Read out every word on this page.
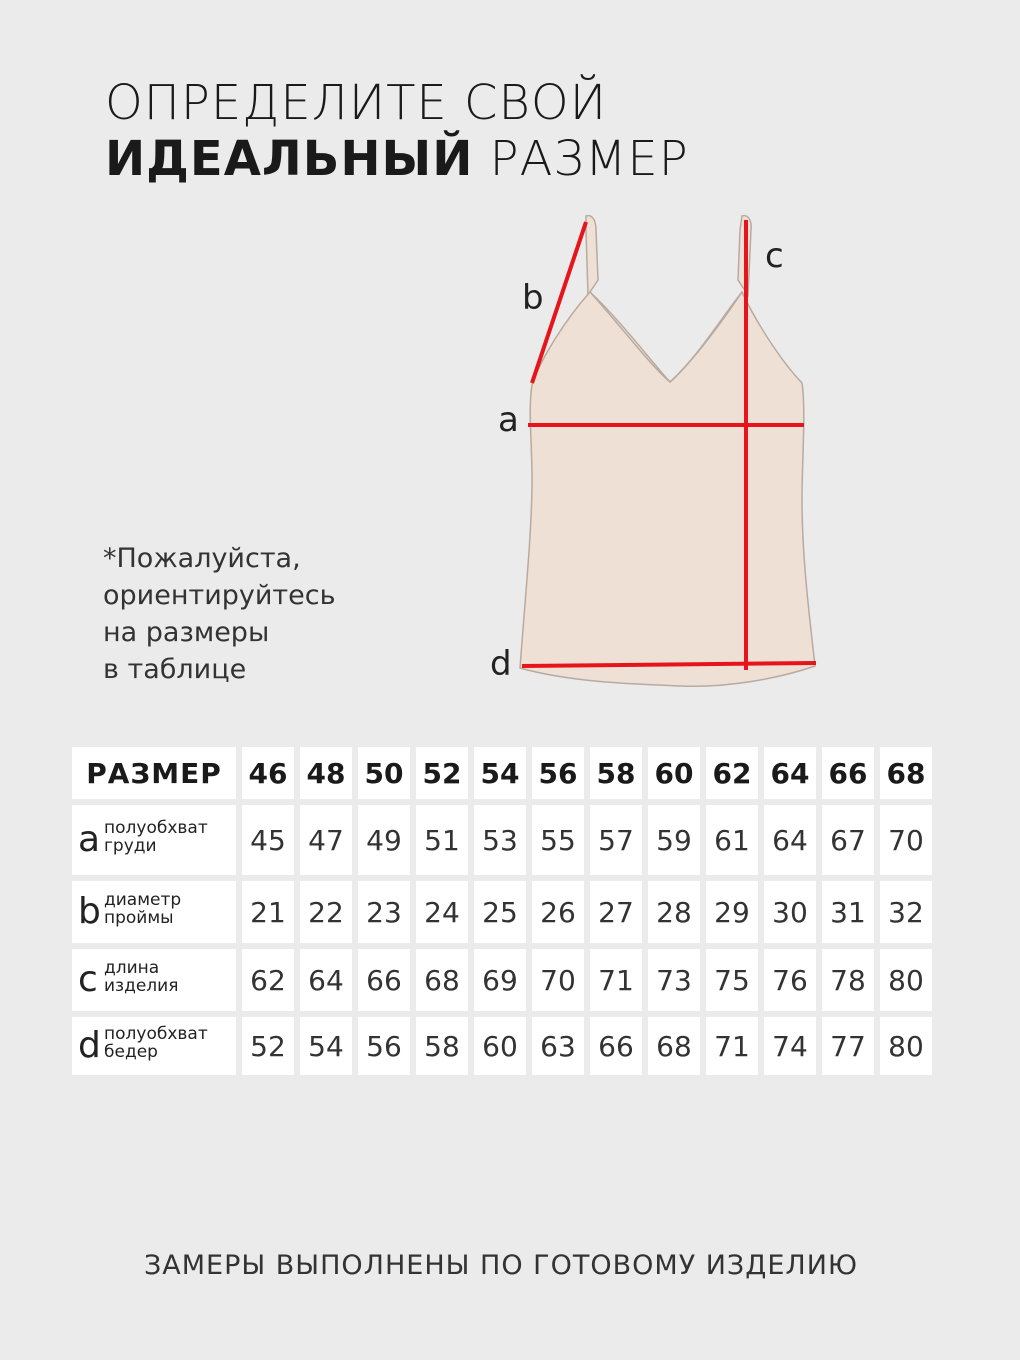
ОПРЕДЕЛИТЕ СВОЙ
ИДЕАЛЬНЫЙ РАЗМЕР
*Пожалуйста,
ориентируйтесь
на размеры
в таблице
b
c
a
d
РАЗМЕР	46	48	50	52	54	56	58	60	62	64	66	68

a полуобхват
груди	45	47	49	51	53	55	57	59	61	64	67	70

b диаметр
проймы	21	22	23	24	25	26	27	28	29	30	31	32

c длина
изделия	62	64	66	68	69	70	71	73	75	76	78	80

d полуобхват
бедер	52	54	56	58	60	63	66	68	71	74	77	80
ЗАМЕРЫ ВЫПОЛНЕНЫ ПО ГОТОВОМУ ИЗДЕЛИЮ
